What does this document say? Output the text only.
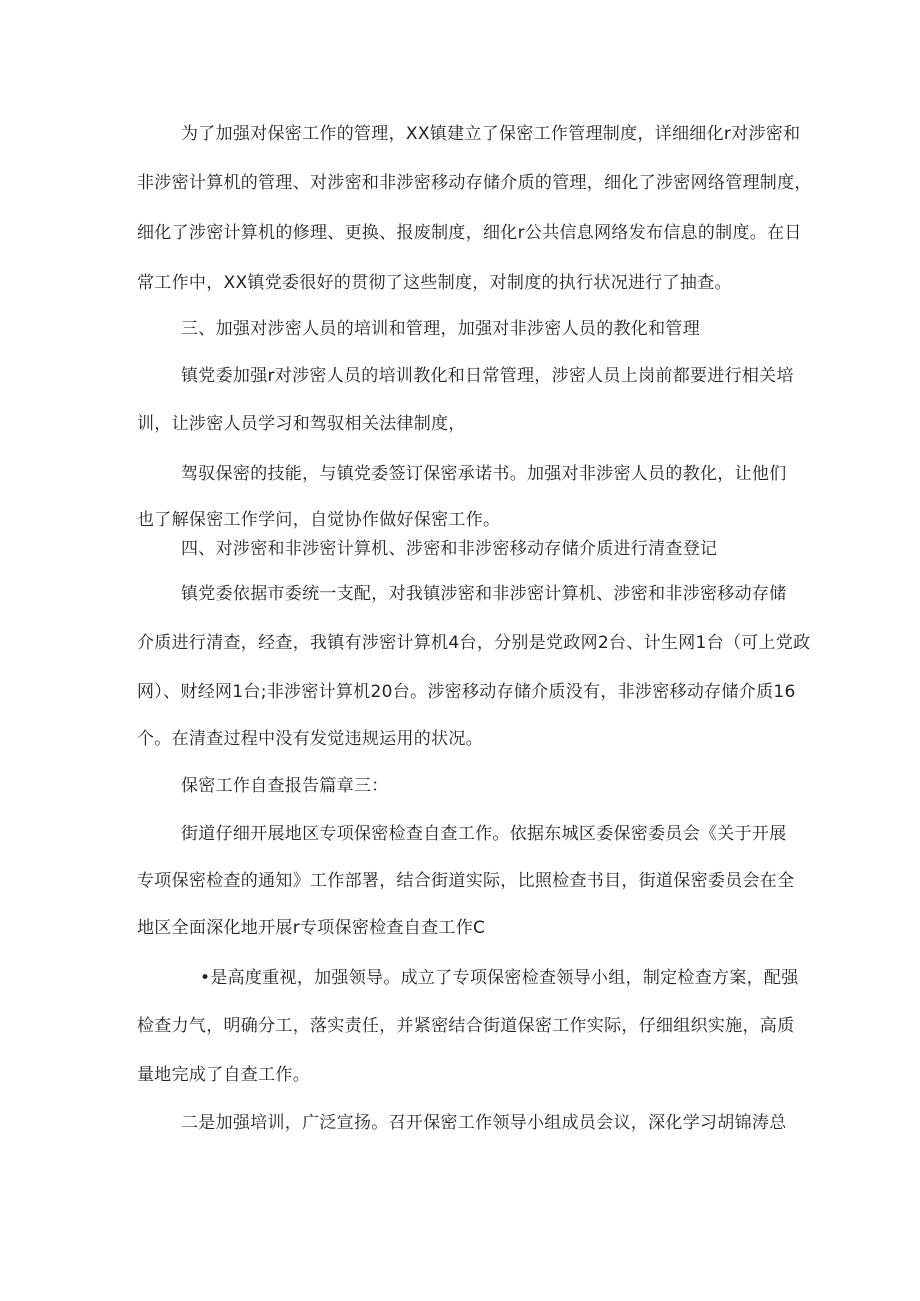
为了加强对保密工作的管理，XX镇建立了保密工作管理制度，详细细化r对涉密和
非涉密计算机的管理、对涉密和非涉密移动存储介质的管理，细化了涉密网络管理制度，
细化了涉密计算机的修理、更换、报废制度，细化r公共信息网络发布信息的制度。在日
常工作中，XX镇党委很好的贯彻了这些制度，对制度的执行状况进行了抽查。
三、加强对涉密人员的培训和管理，加强对非涉密人员的教化和管理
镇党委加强r对涉密人员的培训教化和日常管理，涉密人员上岗前都要进行相关培
训，让涉密人员学习和驾驭相关法律制度，
驾驭保密的技能，与镇党委签订保密承诺书。加强对非涉密人员的教化，让他们
也了解保密工作学问，自觉协作做好保密工作。
四、对涉密和非涉密计算机、涉密和非涉密移动存储介质进行清查登记
镇党委依据市委统一支配，对我镇涉密和非涉密计算机、涉密和非涉密移动存储
介质进行清查，经查，我镇有涉密计算机4台，分别是党政网2台、计生网1台（可上党政
网）、财经网1台;非涉密计算机20台。涉密移动存储介质没有，非涉密移动存储介质16
个。在清查过程中没有发觉违规运用的状况。
保密工作自查报告篇章三：
街道仔细开展地区专项保密检查自查工作。依据东城区委保密委员会《关于开展
专项保密检查的通知》工作部署，结合街道实际，比照检查书目，街道保密委员会在全
地区全面深化地开展r专项保密检查自查工作C
•是高度重视，加强领导。成立了专项保密检查领导小组，制定检查方案，配强
检查力气，明确分工，落实责任，并紧密结合街道保密工作实际，仔细组织实施，高质
量地完成了自查工作。
二是加强培训，广泛宣扬。召开保密工作领导小组成员会议，深化学习胡锦涛总
